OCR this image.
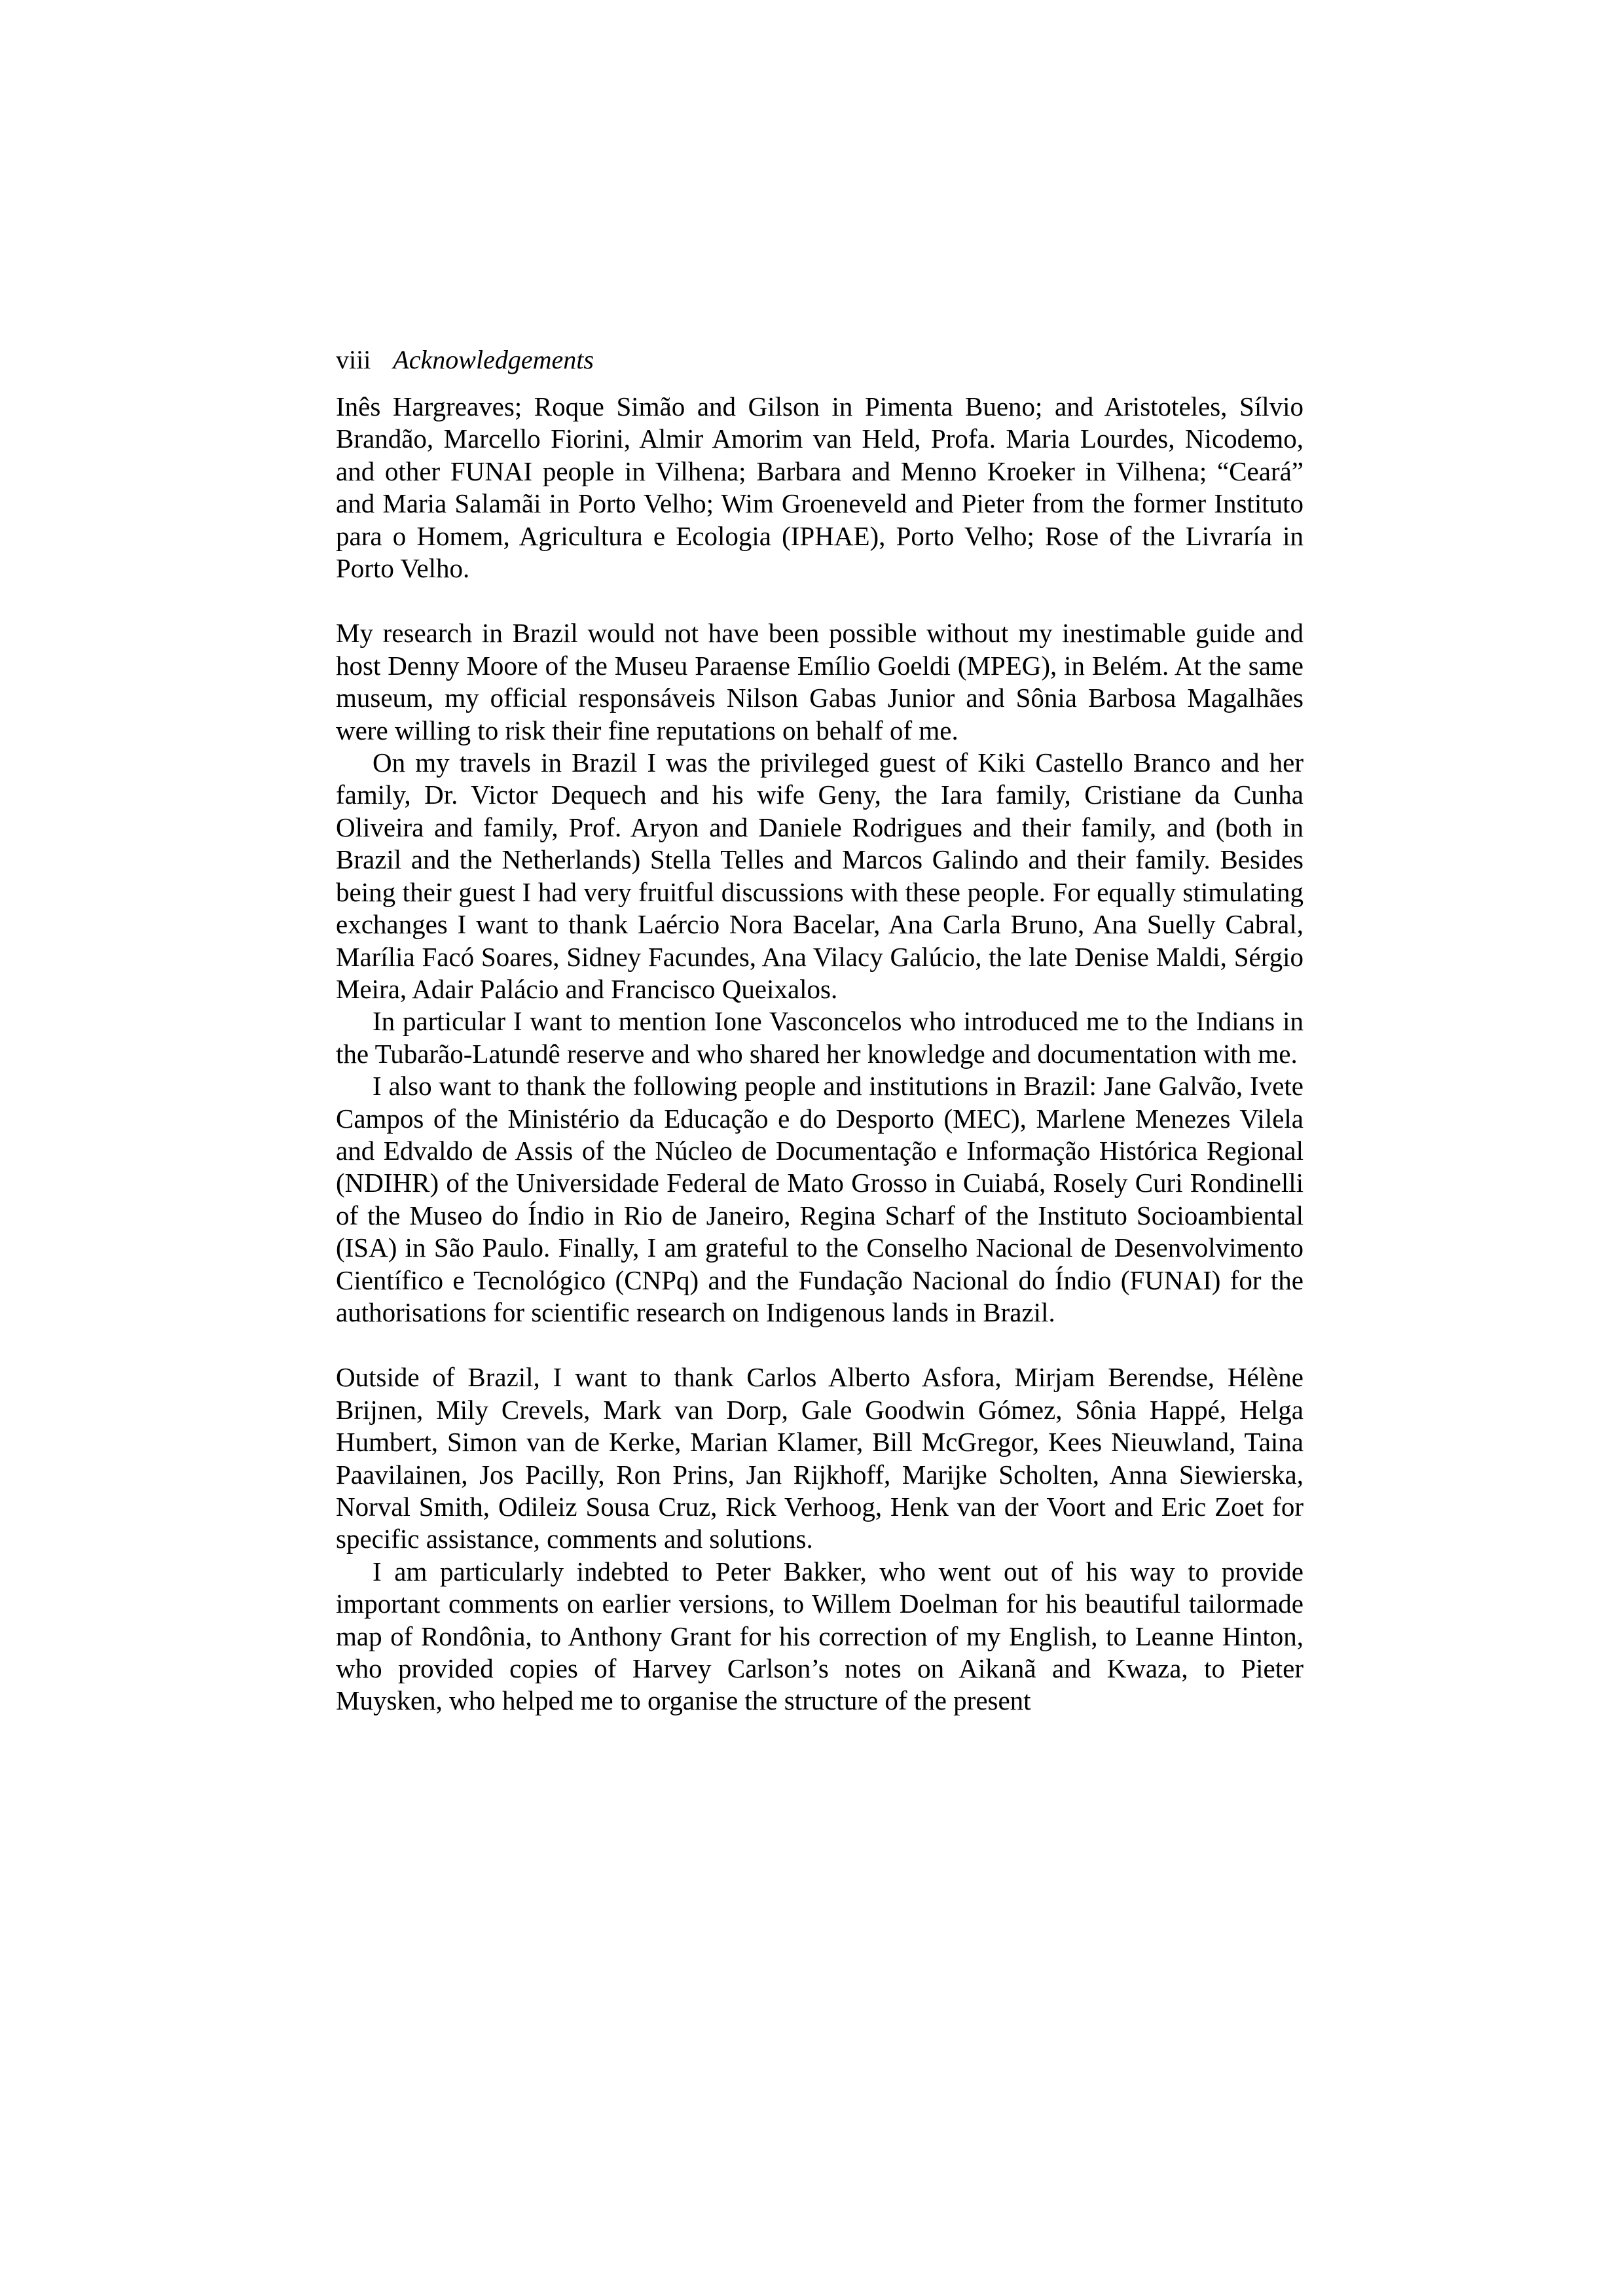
viii Acknowledgements

Inês Hargreaves; Roque Simão and Gilson in Pimenta Bueno; and Aristoteles, Sílvio Brandão, Marcello Fiorini, Almir Amorim van Held, Profa. Maria Lourdes, Nicodemo, and other FUNAI people in Vilhena; Barbara and Menno Kroeker in Vilhena; “Ceará” and Maria Salamãi in Porto Velho; Wim Groeneveld and Pieter from the former Instituto para o Homem, Agricultura e Ecologia (IPHAE), Porto Velho; Rose of the Livraría in Porto Velho.

My research in Brazil would not have been possible without my inestimable guide and host Denny Moore of the Museu Paraense Emílio Goeldi (MPEG), in Belém. At the same museum, my official responsáveis Nilson Gabas Junior and Sônia Barbosa Magalhães were willing to risk their fine reputations on behalf of me.

On my travels in Brazil I was the privileged guest of Kiki Castello Branco and her family, Dr. Victor Dequech and his wife Geny, the Iara family, Cristiane da Cunha Oliveira and family, Prof. Aryon and Daniele Rodrigues and their family, and (both in Brazil and the Netherlands) Stella Telles and Marcos Galindo and their family. Besides being their guest I had very fruitful discussions with these people. For equally stimulating exchanges I want to thank Laércio Nora Bacelar, Ana Carla Bruno, Ana Suelly Cabral, Marília Facó Soares, Sidney Facundes, Ana Vilacy Galúcio, the late Denise Maldi, Sérgio Meira, Adair Palácio and Francisco Queixalos.

In particular I want to mention Ione Vasconcelos who introduced me to the Indians in the Tubarão-Latundê reserve and who shared her knowledge and documentation with me.

I also want to thank the following people and institutions in Brazil: Jane Galvão, Ivete Campos of the Ministério da Educação e do Desporto (MEC), Marlene Menezes Vilela and Edvaldo de Assis of the Núcleo de Documentação e Informação Histórica Regional (NDIHR) of the Universidade Federal de Mato Grosso in Cuiabá, Rosely Curi Rondinelli of the Museo do Índio in Rio de Janeiro, Regina Scharf of the Instituto Socioambiental (ISA) in São Paulo. Finally, I am grateful to the Conselho Nacional de Desenvolvimento Científico e Tecnológico (CNPq) and the Fundação Nacional do Índio (FUNAI) for the authorisations for scientific research on Indigenous lands in Brazil.

Outside of Brazil, I want to thank Carlos Alberto Asfora, Mirjam Berendse, Hélène Brijnen, Mily Crevels, Mark van Dorp, Gale Goodwin Gómez, Sônia Happé, Helga Humbert, Simon van de Kerke, Marian Klamer, Bill McGregor, Kees Nieuwland, Taina Paavilainen, Jos Pacilly, Ron Prins, Jan Rijkhoff, Marijke Scholten, Anna Siewierska, Norval Smith, Odileiz Sousa Cruz, Rick Verhoog, Henk van der Voort and Eric Zoet for specific assistance, comments and solutions.

I am particularly indebted to Peter Bakker, who went out of his way to provide important comments on earlier versions, to Willem Doelman for his beautiful tailormade map of Rondônia, to Anthony Grant for his correction of my English, to Leanne Hinton, who provided copies of Harvey Carlson’s notes on Aikanã and Kwaza, to Pieter Muysken, who helped me to organise the structure of the present
